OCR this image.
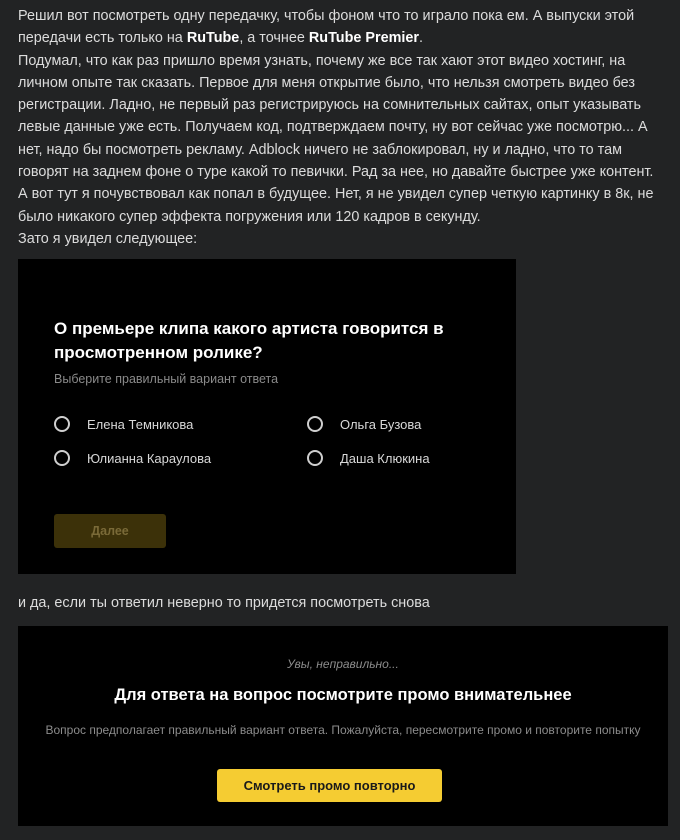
Решил вот посмотреть одну передачку, чтобы фоном что то играло пока ем. А выпуски этой передачи есть только на RuTube, а точнее RuTube Premier.

Подумал, что как раз пришло время узнать, почему же все так хают этот видео хостинг, на личном опыте так сказать. Первое для меня открытие было, что нельзя смотреть видео без регистрации. Ладно, не первый раз регистрируюсь на сомнительных сайтах, опыт указывать левые данные уже есть. Получаем код, подтверждаем почту, ну вот сейчас уже посмотрю... А нет, надо бы посмотреть рекламу. Adblock ничего не заблокировал, ну и ладно, что то там говорят на заднем фоне о туре какой то певички. Рад за нее, но давайте быстрее уже контент.

А вот тут я почувствовал как попал в будущее. Нет, я не увидел супер четкую картинку в 8к, не было никакого супер эффекта погружения или 120 кадров в секунду.

Зато я увидел следующее:

О премьере клипа какого артиста говорится в просмотренном ролике?
Выберите правильный вариант ответа
Елена Темникова	Ольга Бузова
Юлианна Караулова	Даша Клюкина
Далее
и да, если ты ответил неверно то придется посмотреть снова
Увы, неправильно...
Для ответа на вопрос посмотрите промо внимательнее
Вопрос предполагает правильный вариант ответа. Пожалуйста, пересмотрите промо и повторите попытку
Смотреть промо повторно
